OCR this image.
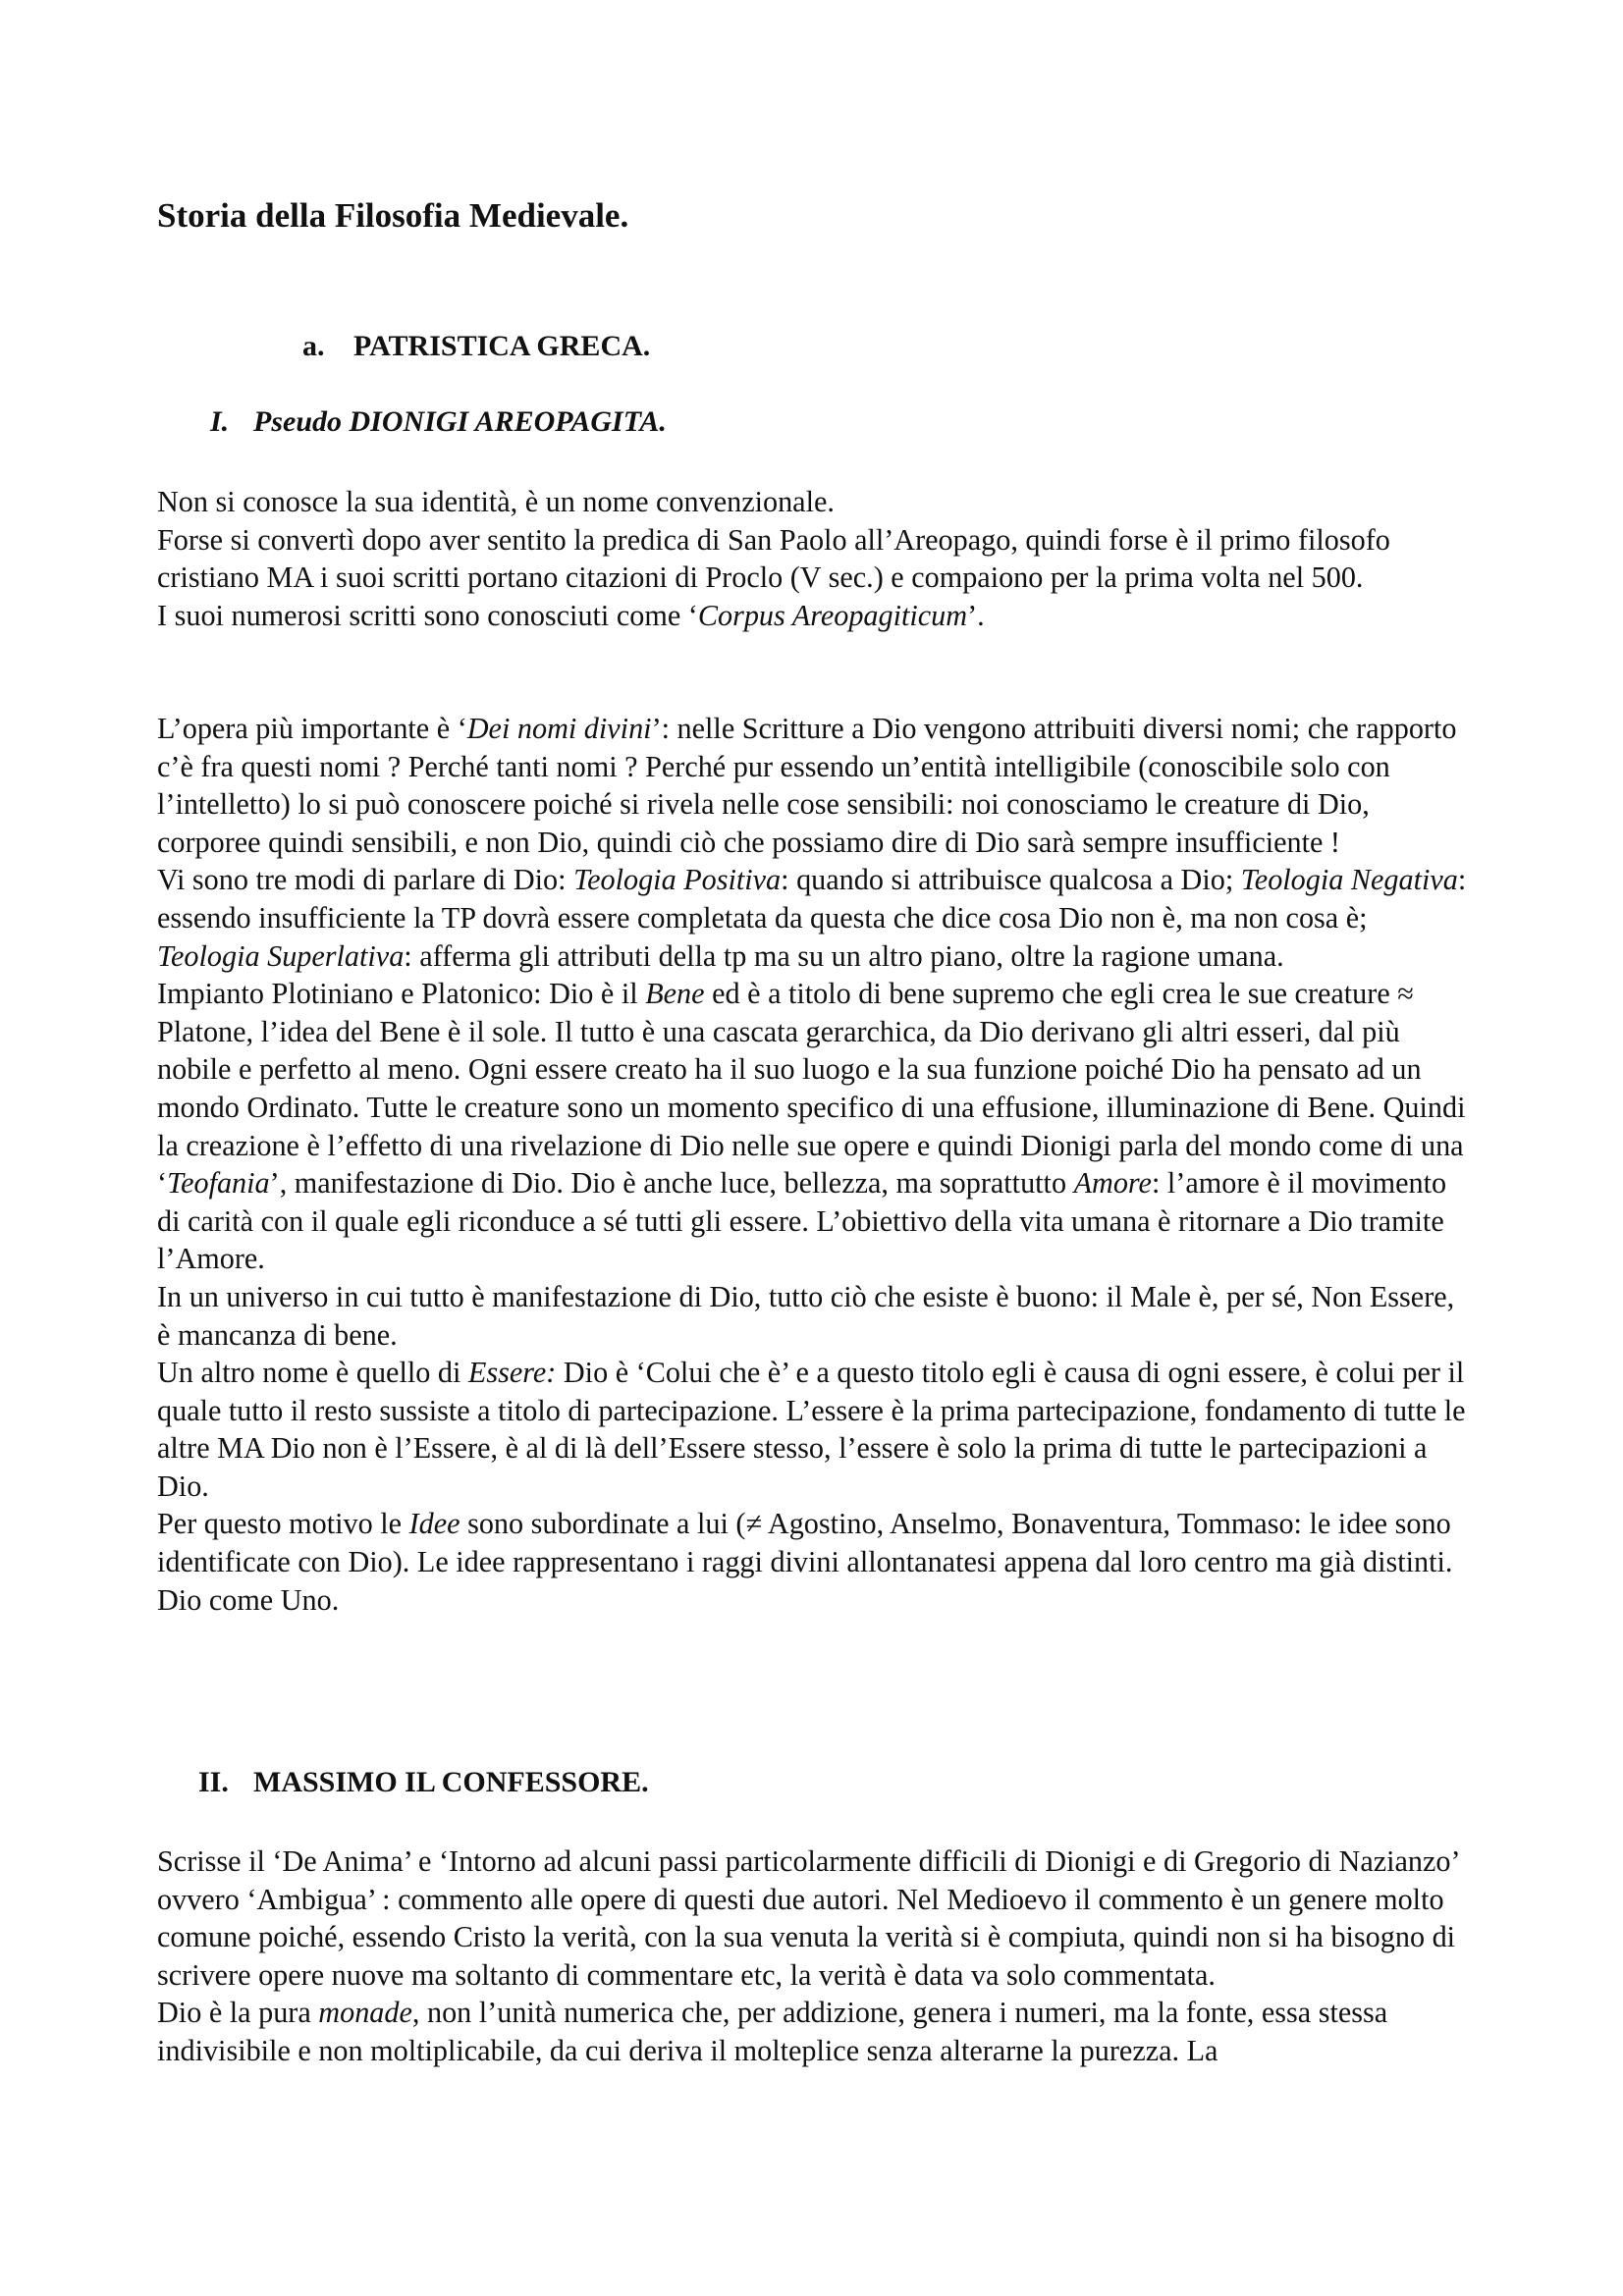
Storia della Filosofia Medievale.
a. PATRISTICA GRECA.
I. Pseudo DIONIGI AREOPAGITA.

Non si conosce la sua identità, è un nome convenzionale.

Forse si convertì dopo aver sentito la predica di San Paolo all’Areopago, quindi forse è il primo filosofo cristiano MA i suoi scritti portano citazioni di Proclo (V sec.) e compaiono per la prima volta nel 500.

I suoi numerosi scritti sono conosciuti come ‘Corpus Areopagiticum’.

L’opera più importante è ‘Dei nomi divini’: nelle Scritture a Dio vengono attribuiti diversi nomi; che rapporto c’è fra questi nomi ? Perché tanti nomi ? Perché pur essendo un’entità intelligibile (conoscibile solo con l’intelletto) lo si può conoscere poiché si rivela nelle cose sensibili: noi conosciamo le creature di Dio, corporee quindi sensibili, e non Dio, quindi ciò che possiamo dire di Dio sarà sempre insufficiente !

Vi sono tre modi di parlare di Dio: Teologia Positiva: quando si attribuisce qualcosa a Dio; Teologia Negativa: essendo insufficiente la TP dovrà essere completata da questa che dice cosa Dio non è, ma non cosa è; Teologia Superlativa: afferma gli attributi della tp ma su un altro piano, oltre la ragione umana.

Impianto Plotiniano e Platonico: Dio è il Bene ed è a titolo di bene supremo che egli crea le sue creature ≈ Platone, l’idea del Bene è il sole. Il tutto è una cascata gerarchica, da Dio derivano gli altri esseri, dal più nobile e perfetto al meno. Ogni essere creato ha il suo luogo e la sua funzione poiché Dio ha pensato ad un mondo Ordinato. Tutte le creature sono un momento specifico di una effusione, illuminazione di Bene. Quindi la creazione è l’effetto di una rivelazione di Dio nelle sue opere e quindi Dionigi parla del mondo come di una ‘Teofania’, manifestazione di Dio. Dio è anche luce, bellezza, ma soprattutto Amore: l’amore è il movimento di carità con il quale egli riconduce a sé tutti gli essere. L’obiettivo della vita umana è ritornare a Dio tramite l’Amore.

In un universo in cui tutto è manifestazione di Dio, tutto ciò che esiste è buono: il Male è, per sé, Non Essere, è mancanza di bene.

Un altro nome è quello di Essere: Dio è ‘Colui che è’ e a questo titolo egli è causa di ogni essere, è colui per il quale tutto il resto sussiste a titolo di partecipazione. L’essere è la prima partecipazione, fondamento di tutte le altre MA Dio non è l’Essere, è al di là dell’Essere stesso, l’essere è solo la prima di tutte le partecipazioni a Dio.

Per questo motivo le Idee sono subordinate a lui (≠ Agostino, Anselmo, Bonaventura, Tommaso: le idee sono identificate con Dio). Le idee rappresentano i raggi divini allontanatesi appena dal loro centro ma già distinti.

Dio come Uno.

II. MASSIMO IL CONFESSORE.

Scrisse il ‘De Anima’ e ‘Intorno ad alcuni passi particolarmente difficili di Dionigi e di Gregorio di Nazianzo’ ovvero ‘Ambigua’ : commento alle opere di questi due autori. Nel Medioevo il commento è un genere molto comune poiché, essendo Cristo la verità, con la sua venuta la verità si è compiuta, quindi non si ha bisogno di scrivere opere nuove ma soltanto di commentare etc, la verità è data va solo commentata.

Dio è la pura monade, non l’unità numerica che, per addizione, genera i numeri, ma la fonte, essa stessa indivisibile e non moltiplicabile, da cui deriva il molteplice senza alterarne la purezza. La
